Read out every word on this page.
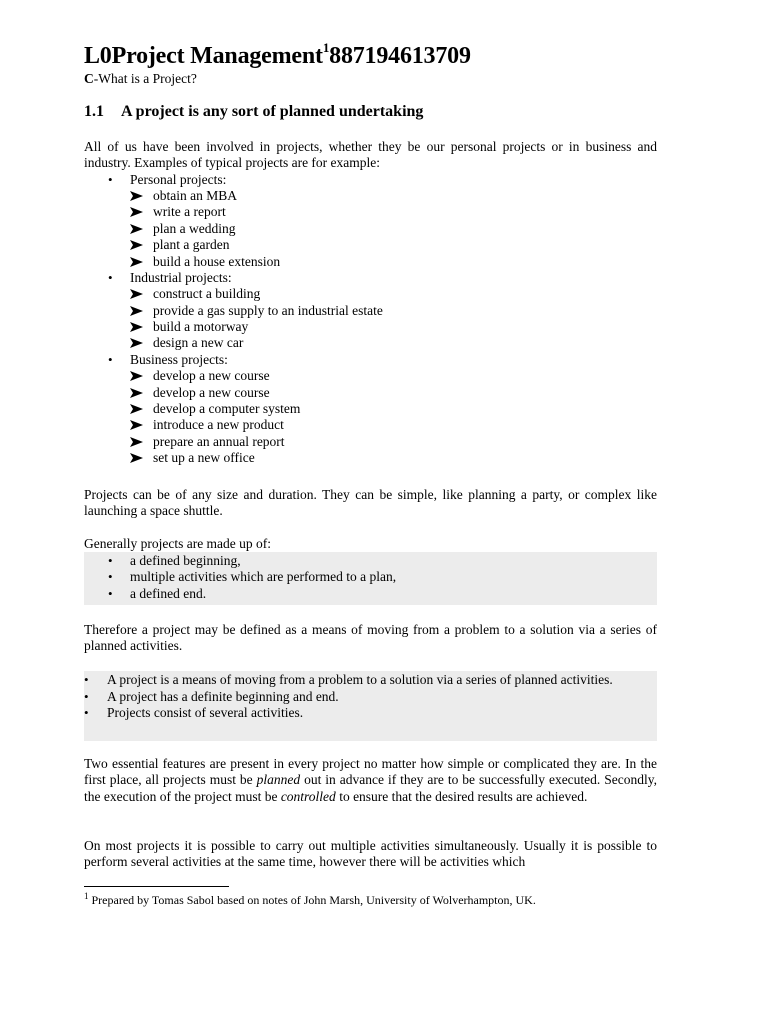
L0Project Management$^1$887194613709
C-What is a Project?
1.1 A project is any sort of planned undertaking

All of us have been involved in projects, whether they be our personal projects or in business and industry. Examples of typical projects are for example:

• Personal projects:
obtain an MBA
write a report
plan a wedding
plant a garden
build a house extension
• Industrial projects:
construct a building
provide a gas supply to an industrial estate
build a motorway
design a new car
• Business projects:
develop a new course
develop a new course
develop a computer system
introduce a new product
prepare an annual report
set up a new office

Projects can be of any size and duration. They can be simple, like planning a party, or complex like launching a space shuttle.

Generally projects are made up of:

• a defined beginning,
• multiple activities which are performed to a plan,
• a defined end.

Therefore a project may be defined as a means of moving from a problem to a solution via a series of planned activities.

• A project is a means of moving from a problem to a solution via a series of planned activities.
• A project has a definite beginning and end.
• Projects consist of several activities.

Two essential features are present in every project no matter how simple or complicated they are. In the first place, all projects must be planned out in advance if they are to be successfully executed. Secondly, the execution of the project must be controlled to ensure that the desired results are achieved.

On most projects it is possible to carry out multiple activities simultaneously. Usually it is possible to perform several activities at the same time, however there will be activities which

$^1$ Prepared by Tomas Sabol based on notes of John Marsh, University of Wolverhampton, UK.
